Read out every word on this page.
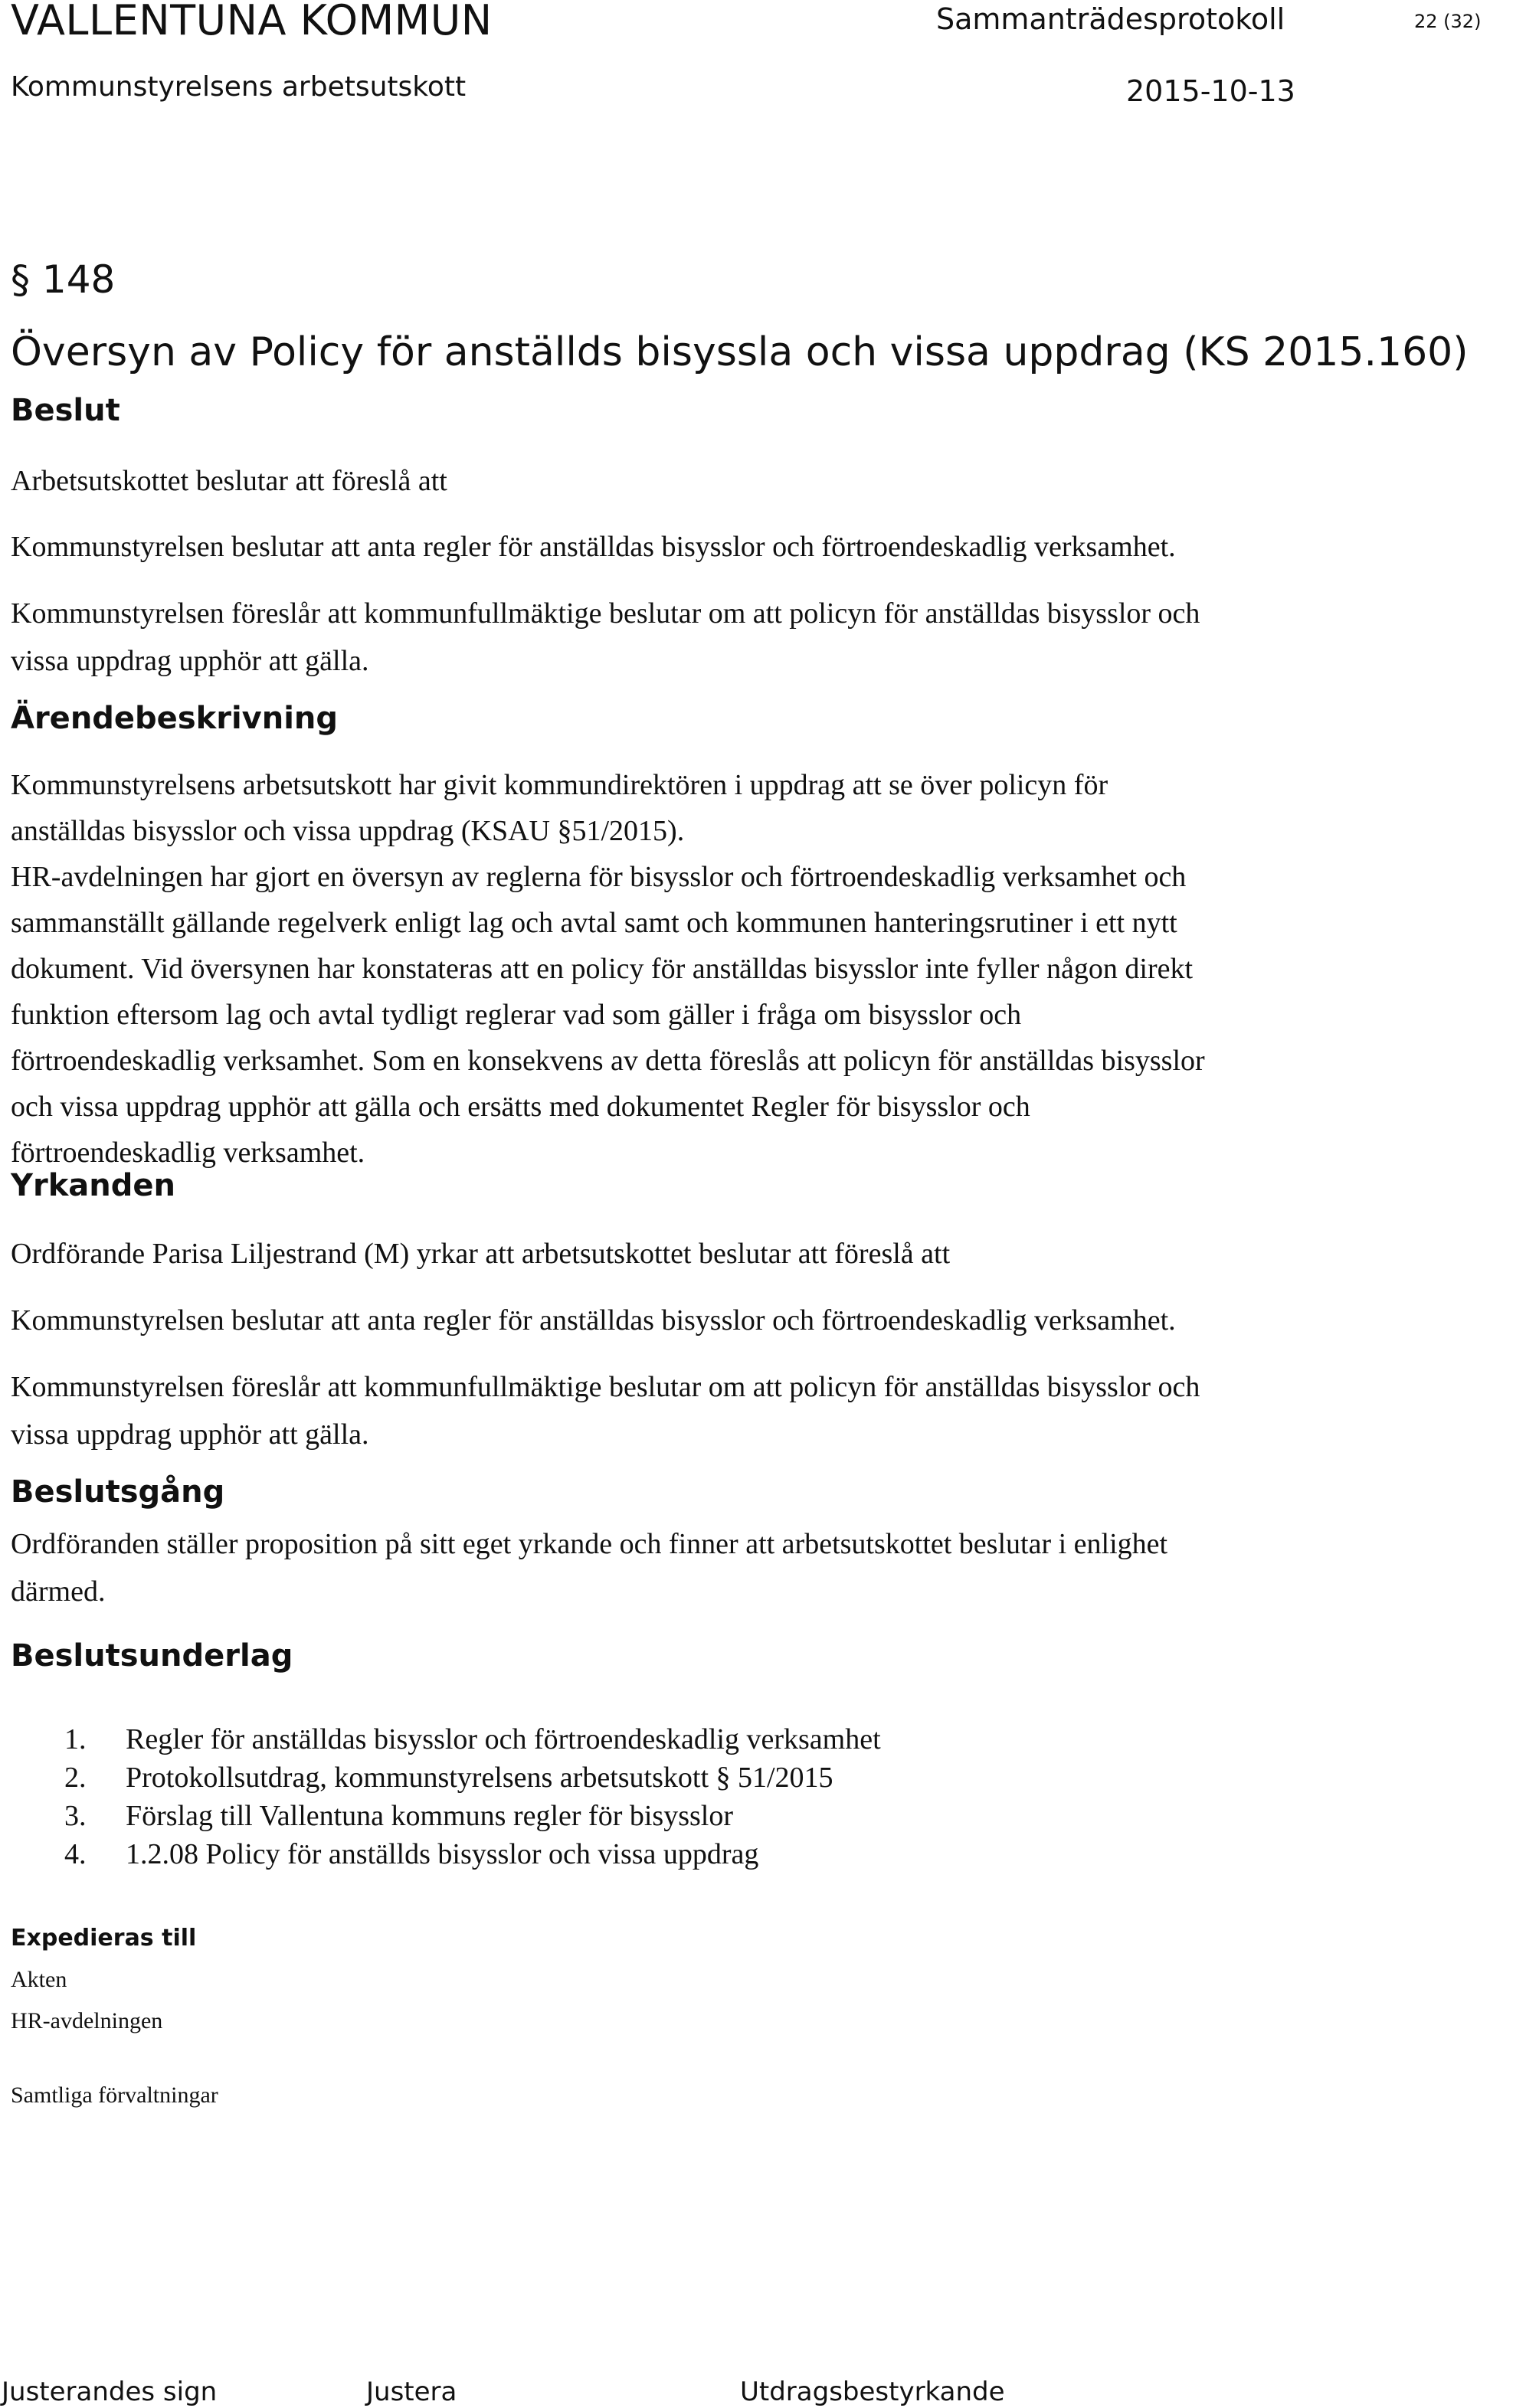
VALLENTUNA KOMMUN	Sammanträdesprotokoll	22 (32)
Kommunstyrelsens arbetsutskott	2015-10-13
§ 148
Översyn av Policy för anställds bisyssla och vissa uppdrag (KS 2015.160)
Beslut

Arbetsutskottet beslutar att föreslå att

Kommunstyrelsen beslutar att anta regler för anställdas bisysslor och förtroendeskadlig verksamhet.

Kommunstyrelsen föreslår att kommunfullmäktige beslutar om att policyn för anställdas bisysslor och

vissa uppdrag upphör att gälla.

Ärendebeskrivning

Kommunstyrelsens arbetsutskott har givit kommundirektören i uppdrag att se över policyn för

anställdas bisysslor och vissa uppdrag (KSAU §51/2015).

HR-avdelningen har gjort en översyn av reglerna för bisysslor och förtroendeskadlig verksamhet och

sammanställt gällande regelverk enligt lag och avtal samt och kommunen hanteringsrutiner i ett nytt

dokument. Vid översynen har konstateras att en policy för anställdas bisysslor inte fyller någon direkt

funktion eftersom lag och avtal tydligt reglerar vad som gäller i fråga om bisysslor och

förtroendeskadlig verksamhet. Som en konsekvens av detta föreslås att policyn för anställdas bisysslor

och vissa uppdrag upphör att gälla och ersätts med dokumentet Regler för bisysslor och

förtroendeskadlig verksamhet.

Yrkanden

Ordförande Parisa Liljestrand (M) yrkar att arbetsutskottet beslutar att föreslå att

Kommunstyrelsen beslutar att anta regler för anställdas bisysslor och förtroendeskadlig verksamhet.

Kommunstyrelsen föreslår att kommunfullmäktige beslutar om att policyn för anställdas bisysslor och

vissa uppdrag upphör att gälla.

Beslutsgång

Ordföranden ställer proposition på sitt eget yrkande och finner att arbetsutskottet beslutar i enlighet

därmed.

Beslutsunderlag
1. Regler för anställdas bisysslor och förtroendeskadlig verksamhet
2. Protokollsutdrag, kommunstyrelsens arbetsutskott § 51/2015
3. Förslag till Vallentuna kommuns regler för bisysslor
4. 1.2.08 Policy för anställds bisysslor och vissa uppdrag
Expedieras till
Akten
HR-avdelningen
Samtliga förvaltningar
Justerandes sign	Justera	Utdragsbestyrkande
